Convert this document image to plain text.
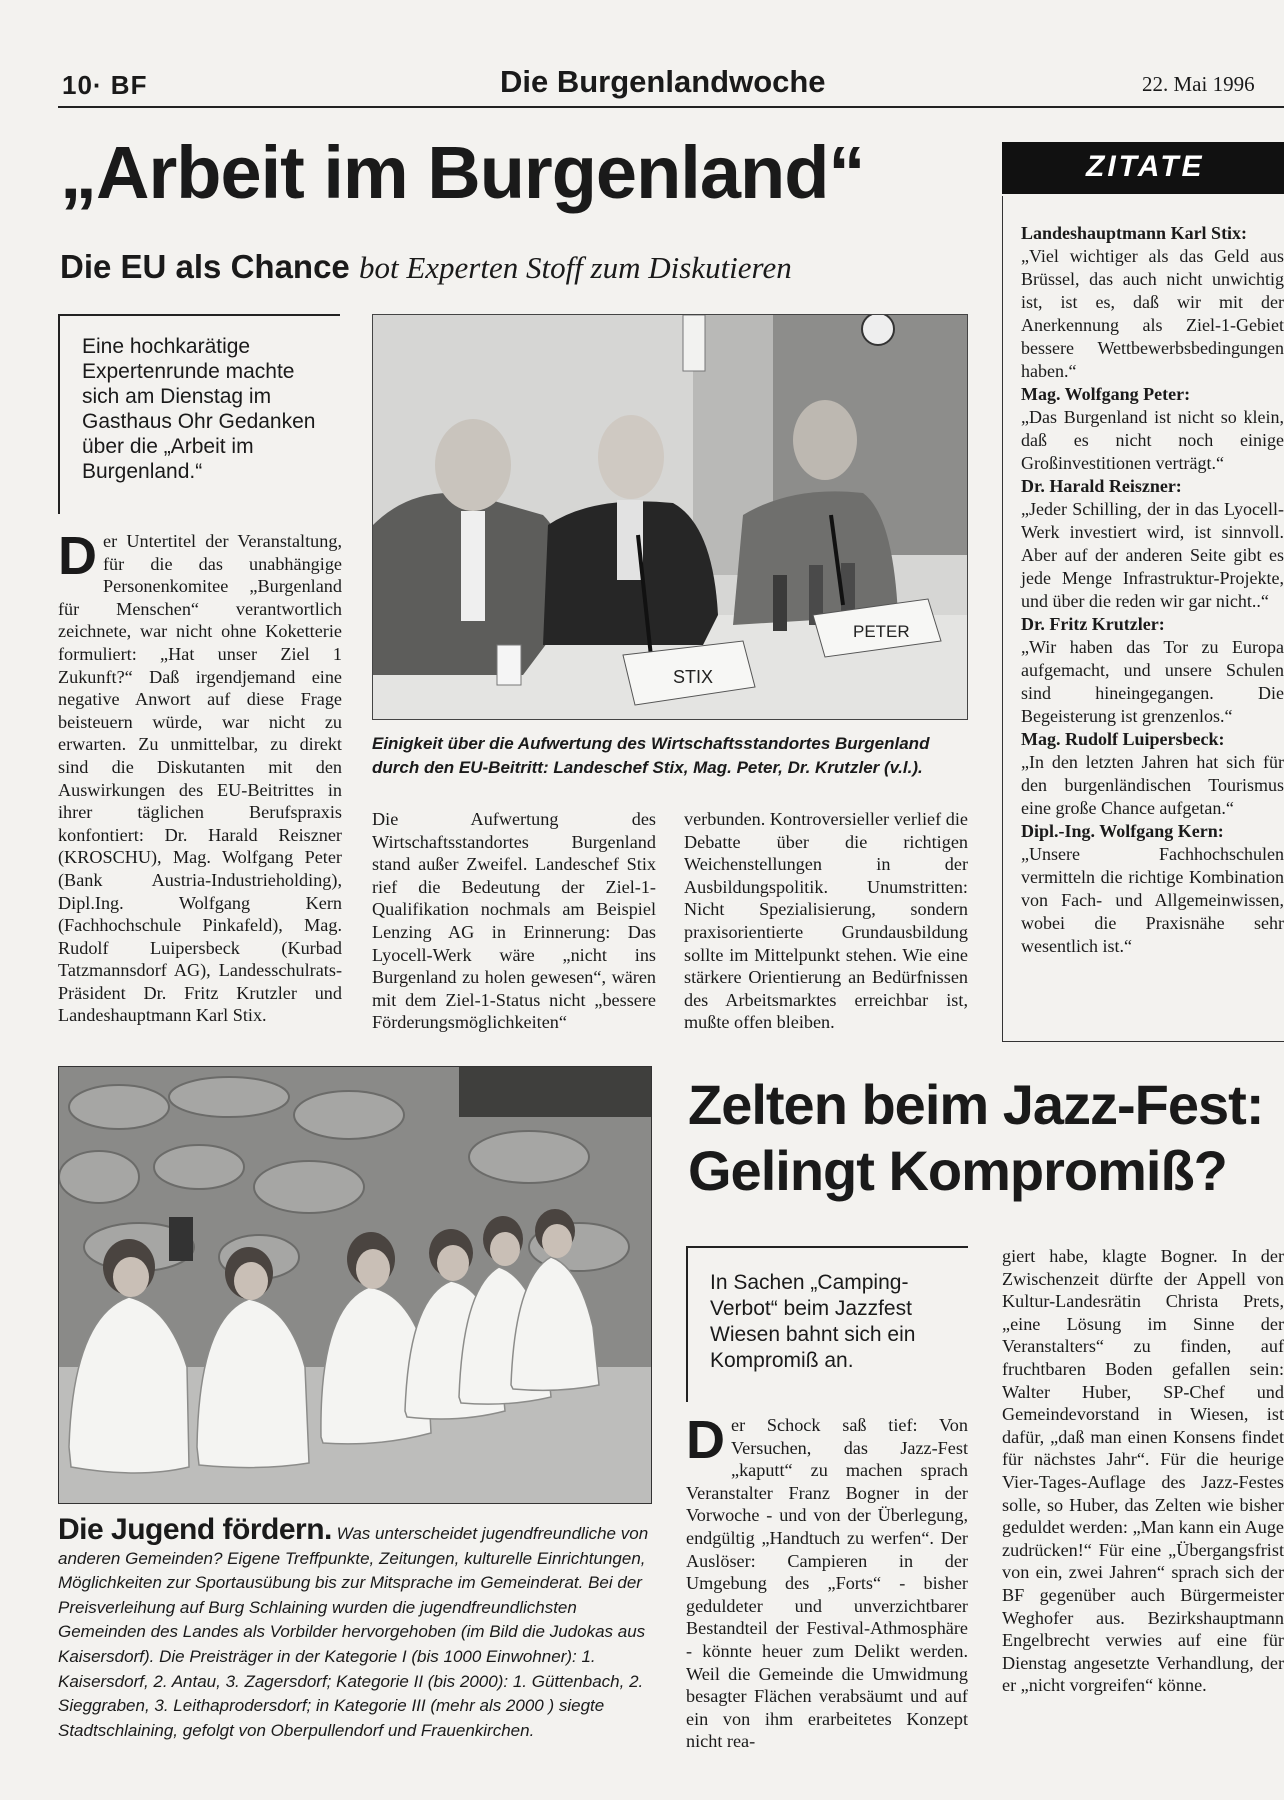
10· BF	Die Burgenlandwoche	22. Mai 1996
„Arbeit im Burgenland“
Die EU als Chance bot Experten Stoff zum Diskutieren

Eine hochkarätige Expertenrunde machte sich am Dienstag im Gasthaus Ohr Gedanken über die „Arbeit im Burgenland.“

Der Untertitel der Veranstaltung, für die das unabhängige Personenkomitee „Burgenland für Menschen“ verantwortlich zeichnete, war nicht ohne Koketterie formuliert: „Hat unser Ziel 1 Zukunft?“ Daß irgendjemand eine negative Anwort auf diese Frage beisteuern würde, war nicht zu erwarten. Zu unmittelbar, zu direkt sind die Diskutanten mit den Auswirkungen des EU-Beitrittes in ihrer täglichen Berufspraxis konfontiert: Dr. Harald Reiszner (KROSCHU), Mag. Wolfgang Peter (Bank Austria-Industrieholding), Dipl.Ing. Wolfgang Kern (Fachhochschule Pinkafeld), Mag. Rudolf Luipersbeck (Kurbad Tatzmannsdorf AG), Landesschulrats-Präsident Dr. Fritz Krutzler und Landeshauptmann Karl Stix.
STIX
PETER
Einigkeit über die Aufwertung des Wirtschaftsstandortes Burgenland durch den EU-Beitritt: Landeschef Stix, Mag. Peter, Dr. Krutzler (v.l.).
Die Aufwertung des Wirtschaftsstandortes Burgenland stand außer Zweifel. Landeschef Stix rief die Bedeutung der Ziel-1-Qualifikation nochmals am Beispiel Lenzing AG in Erinnerung: Das Lyocell-Werk wäre „nicht ins Burgenland zu holen gewesen“, wären mit dem Ziel-1-Status nicht „bessere Förderungsmöglichkeiten“
verbunden. Kontroversieller verlief die Debatte über die richtigen Weichenstellungen in der Ausbildungspolitik. Unumstritten: Nicht Spezialisierung, sondern praxisorientierte Grundausbildung sollte im Mittelpunkt stehen. Wie eine stärkere Orientierung an Bedürfnissen des Arbeitsmarktes erreichbar ist, mußte offen bleiben.
ZITATE
Landeshauptmann Karl Stix:
„Viel wichtiger als das Geld aus Brüssel, das auch nicht unwichtig ist, ist es, daß wir mit der Anerkennung als Ziel-1-Gebiet bessere Wettbewerbsbedingungen haben.“
Mag. Wolfgang Peter:
„Das Burgenland ist nicht so klein, daß es nicht noch einige Großinvestitionen verträgt.“
Dr. Harald Reiszner:
„Jeder Schilling, der in das Lyocell-Werk investiert wird, ist sinnvoll. Aber auf der anderen Seite gibt es jede Menge Infrastruktur-Projekte, und über die reden wir gar nicht..“
Dr. Fritz Krutzler:
„Wir haben das Tor zu Europa aufgemacht, und unsere Schulen sind hineingegangen. Die Begeisterung ist grenzenlos.“
Mag. Rudolf Luipersbeck:
„In den letzten Jahren hat sich für den burgenländischen Tourismus eine große Chance aufgetan.“
Dipl.-Ing. Wolfgang Kern:
„Unsere Fachhochschulen vermitteln die richtige Kombination von Fach- und Allgemeinwissen, wobei die Praxisnähe sehr wesentlich ist.“
Die Jugend fördern. Was unterscheidet jugendfreundliche von anderen Gemeinden? Eigene Treffpunkte, Zeitungen, kulturelle Einrichtungen, Möglichkeiten zur Sportausübung bis zur Mitsprache im Gemeinderat. Bei der Preisverleihung auf Burg Schlaining wurden die jugendfreundlichsten Gemeinden des Landes als Vorbilder hervorgehoben (im Bild die Judokas aus Kaisersdorf). Die Preisträger in der Kategorie I (bis 1000 Einwohner): 1. Kaisersdorf, 2. Antau, 3. Zagersdorf; Kategorie II (bis 2000): 1. Güttenbach, 2. Sieggraben, 3. Leithaprodersdorf; in Kategorie III (mehr als 2000 ) siegte Stadtschlaining, gefolgt von Oberpullendorf und Frauenkirchen.
Zelten beim Jazz-Fest:
Gelingt Kompromiß?

In Sachen „Camping-Verbot“ beim Jazzfest Wiesen bahnt sich ein Kompromiß an.

Der Schock saß tief: Von Versuchen, das Jazz-Fest „kaputt“ zu machen sprach Veranstalter Franz Bogner in der Vorwoche - und von der Überlegung, endgültig „Handtuch zu werfen“. Der Auslöser: Campieren in der Umgebung des „Forts“ - bisher geduldeter und unverzichtbarer Bestandteil der Festival-Athmosphäre - könnte heuer zum Delikt werden. Weil die Gemeinde die Umwidmung besagter Flächen verabsäumt und auf ein von ihm erarbeitetes Konzept nicht rea-
giert habe, klagte Bogner. In der Zwischenzeit dürfte der Appell von Kultur-Landesrätin Christa Prets, „eine Lösung im Sinne der Veranstalters“ zu finden, auf fruchtbaren Boden gefallen sein: Walter Huber, SP-Chef und Gemeindevorstand in Wiesen, ist dafür, „daß man einen Konsens findet für nächstes Jahr“. Für die heurige Vier-Tages-Auflage des Jazz-Festes solle, so Huber, das Zelten wie bisher geduldet werden: „Man kann ein Auge zudrücken!“ Für eine „Übergangsfrist von ein, zwei Jahren“ sprach sich der BF gegenüber auch Bürgermeister Weghofer aus. Bezirkshauptmann Engelbrecht verwies auf eine für Dienstag angesetzte Verhandlung, der er „nicht vorgreifen“ könne.
